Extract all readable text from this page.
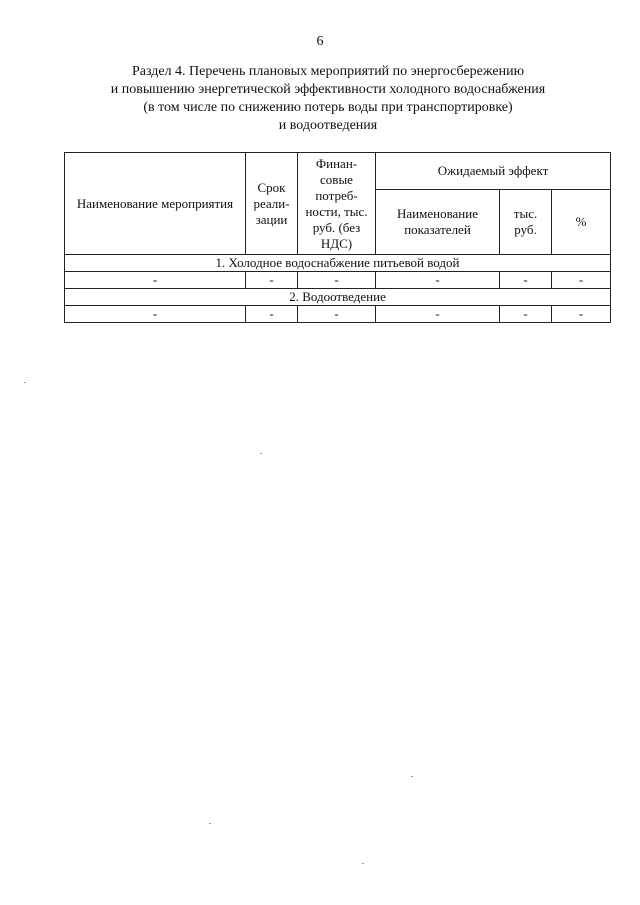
6
Раздел 4. Перечень плановых мероприятий по энергосбережению
и повышению энергетической эффективности холодного водоснабжения
(в том числе по снижению потерь воды при транспортировке)
и водоотведения
Наименование мероприятия	Срок реали-зации	Финан-совые потреб-ности, тыс. руб. (без НДС)	Ожидаемый эффект		
			Наименование показателей	тыс. руб.	%
1. Холодное водоснабжение питьевой водой					
-	-	-	-	-	-
2. Водоотведение					
-	-	-	-	-	-
